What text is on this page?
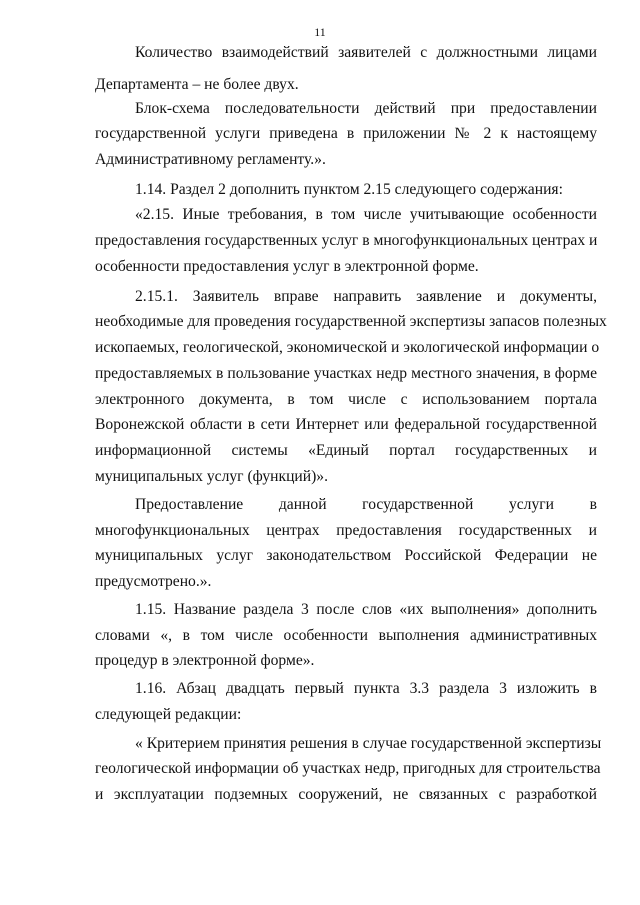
11

Количество взаимодействий заявителей с должностными лицами

Департамента – не более двух.

Блок-схема последовательности действий при предоставлении

государственной услуги приведена в приложении № 2 к настоящему

Административному регламенту.».

1.14. Раздел 2 дополнить пунктом 2.15 следующего содержания:

«2.15. Иные требования, в том числе учитывающие особенности

предоставления государственных услуг в многофункциональных центрах и

особенности предоставления услуг в электронной форме.

2.15.1. Заявитель вправе направить заявление и документы,

необходимые для проведения государственной экспертизы запасов полезных

ископаемых, геологической, экономической и экологической информации о

предоставляемых в пользование участках недр местного значения, в форме

электронного документа, в том числе с использованием портала

Воронежской области в сети Интернет или федеральной государственной

информационной системы «Единый портал государственных и

муниципальных услуг (функций)».

Предоставление данной государственной услуги в

многофункциональных центрах предоставления государственных и

муниципальных услуг законодательством Российской Федерации не

предусмотрено.».

1.15. Название раздела 3 после слов «их выполнения» дополнить

словами «, в том числе особенности выполнения административных

процедур в электронной форме».

1.16. Абзац двадцать первый пункта 3.3 раздела 3 изложить в

следующей редакции:

« Критерием принятия решения в случае государственной экспертизы

геологической информации об участках недр, пригодных для строительства

и эксплуатации подземных сооружений, не связанных с разработкой
